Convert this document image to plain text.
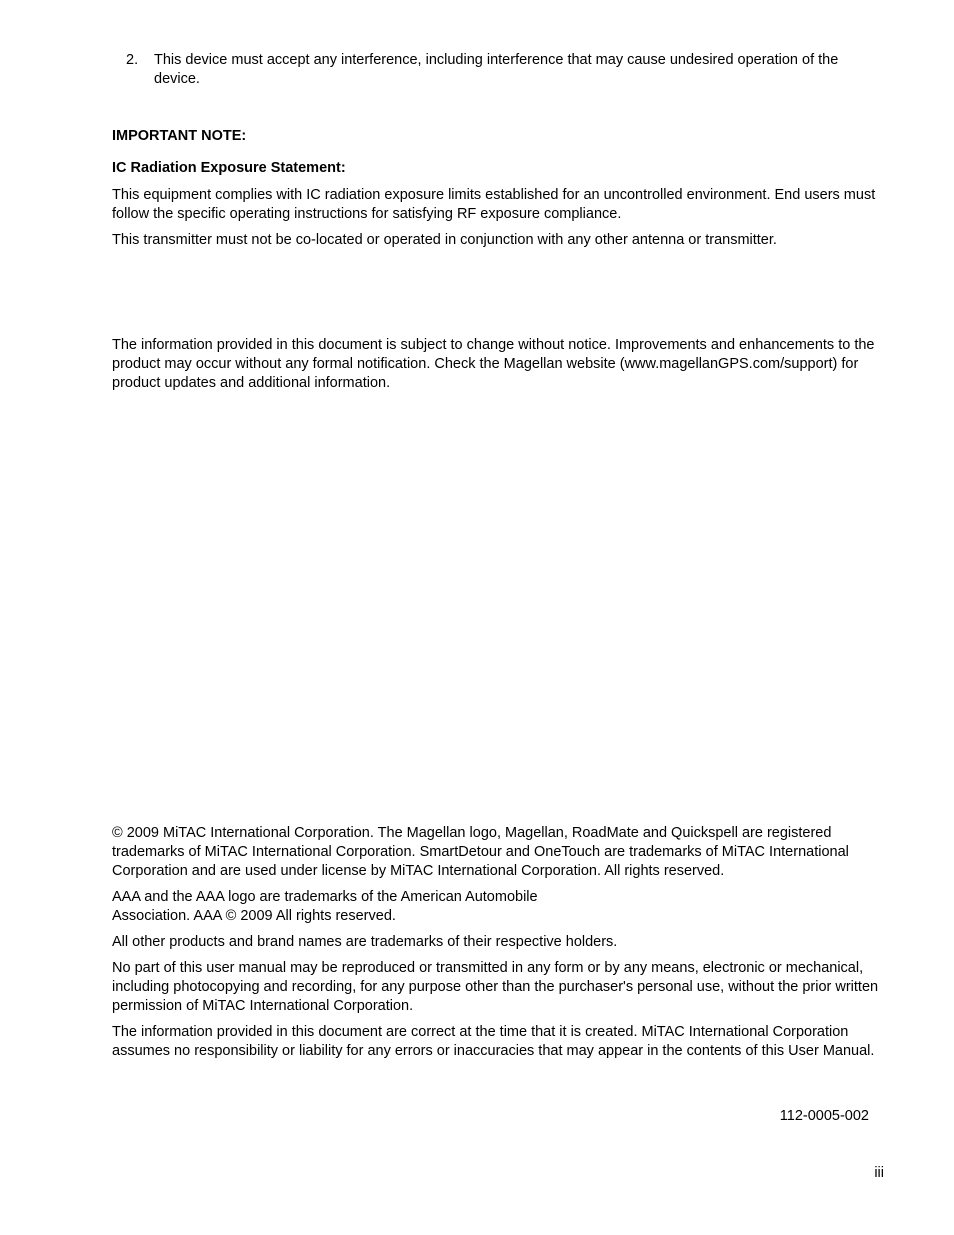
2.	This device must accept any interference, including interference that may cause undesired operation of the device.

IMPORTANT NOTE:

IC Radiation Exposure Statement:

This equipment complies with IC radiation exposure limits established for an uncontrolled environment. End users must follow the specific operating instructions for satisfying RF exposure compliance.

This transmitter must not be co-located or operated in conjunction with any other antenna or transmitter.

The information provided in this document is subject to change without notice. Improvements and enhancements to the product may occur without any formal notification. Check the Magellan website (www.magellanGPS.com/support) for product updates and additional information.

© 2009 MiTAC International Corporation. The Magellan logo, Magellan, RoadMate and Quickspell are registered trademarks of MiTAC International Corporation. SmartDetour and OneTouch are trademarks of MiTAC International Corporation and are used under license by MiTAC International Corporation. All rights reserved.

AAA and the AAA logo are trademarks of the American Automobile

Association. AAA © 2009 All rights reserved.

All other products and brand names are trademarks of their respective holders.

No part of this user manual may be reproduced or transmitted in any form or by any means, electronic or mechanical, including photocopying and recording, for any purpose other than the purchaser's personal use, without the prior written permission of MiTAC International Corporation.

The information provided in this document are correct at the time that it is created. MiTAC International Corporation assumes no responsibility or liability for any errors or inaccuracies that may appear in the contents of this User Manual.

112-0005-002
iii
